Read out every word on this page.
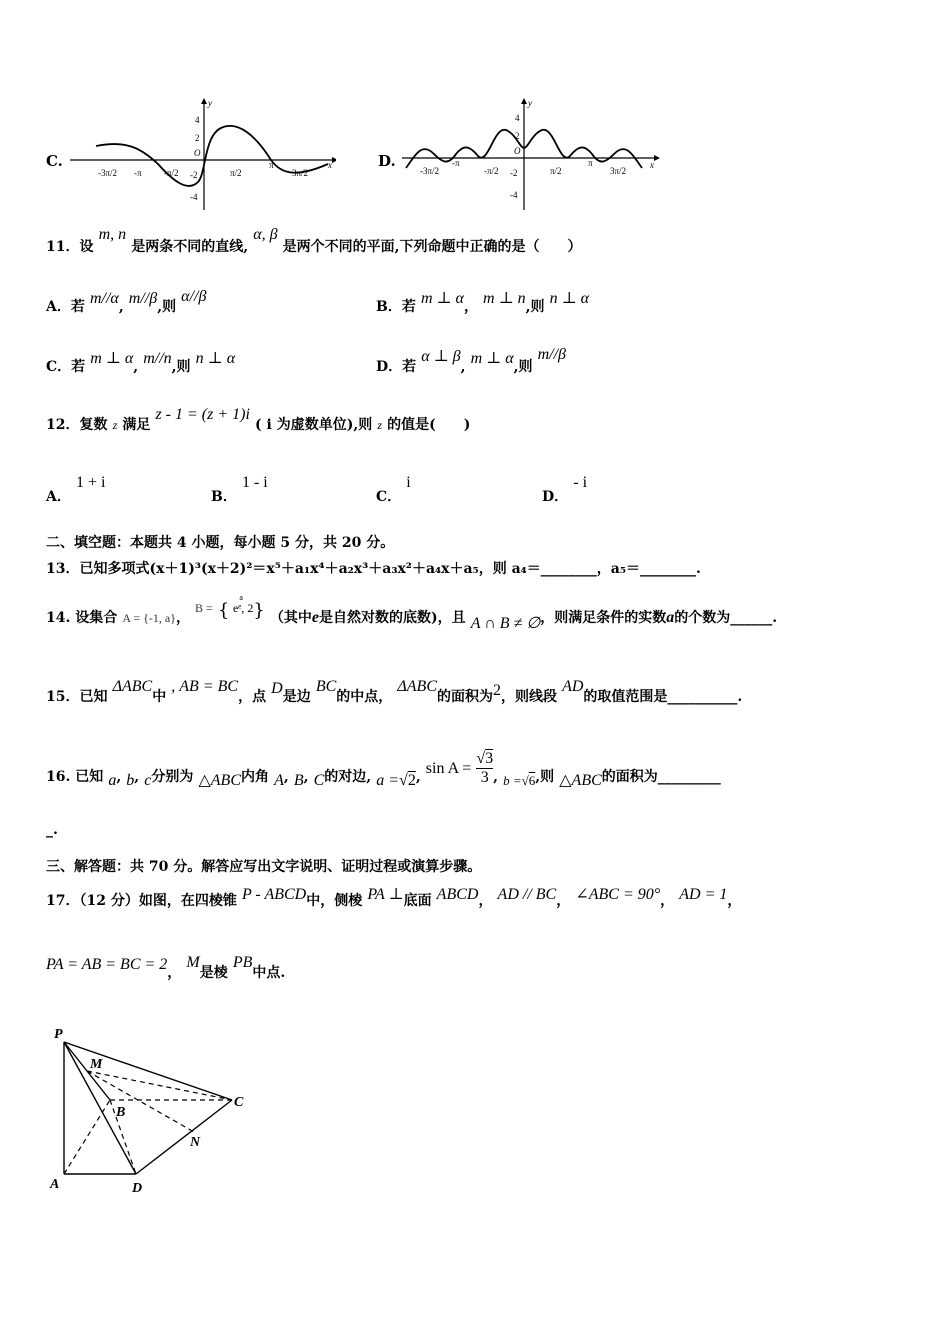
C.
y
x
O
4
2
-2
-4
-3π/2 -π -π/2	π/2
π
3π/2
D.
y
x
O
4
2
-2
-4
-3π/2
-π
-π/2	π/2
π
3π/2
11．设 m, n 是两条不同的直线, α, β 是两个不同的平面,下列命题中正确的是（　　）
A．若 m//α, m//β,则 α//β
B．若 m ⊥ α， m ⊥ n,则 n ⊥ α
C．若 m ⊥ α, m//n,则 n ⊥ α	D．若 α ⊥ β, m ⊥ α,则 m//β
12．复数 z 满足 z - 1 = (z + 1)i ( i 为虚数单位),则 z 的值是(　　)
A． 1 + i
B． 1 - i
C． i
D． - i
二、填空题：本题共 4 小题，每小题 5 分，共 20 分。
13．已知多项式(x＋1)³(x＋2)²＝x⁵＋a₁x⁴＋a₂x³＋a₃x²＋a₄x＋a₅，则 a₄＝________，a₅＝________.
14. 设集合 A = {-1, a}， $^{B =}$ {$^a$eᵉ, 2} （其中e是自然对数的底数)，且 A ∩ B ≠ ∅，则满足条件的实数a的个数为______.
15．已知 ΔABC中 , AB = BC，点 D是边 BC的中点， ΔABC的面积为2，则线段 AD的取值范围是__________.
16. 已知 a, b, c分别为 △ABC内角 A, B, C的对边, a =√2, $\sin A = \frac{√3}{3}$ , $_{b =√6}$,则 △ABC的面积为_________
_.
三、解答题：共 70 分。解答应写出文字说明、证明过程或演算步骤。
17．（12 分）如图，在四棱锥 P - ABCD中，侧棱 PA ⊥底面 ABCD， AD // BC， ∠ABC = 90°， AD = 1，
PA = AB = BC = 2， M是棱 PB中点.
P
M
B
C
N
A	D
